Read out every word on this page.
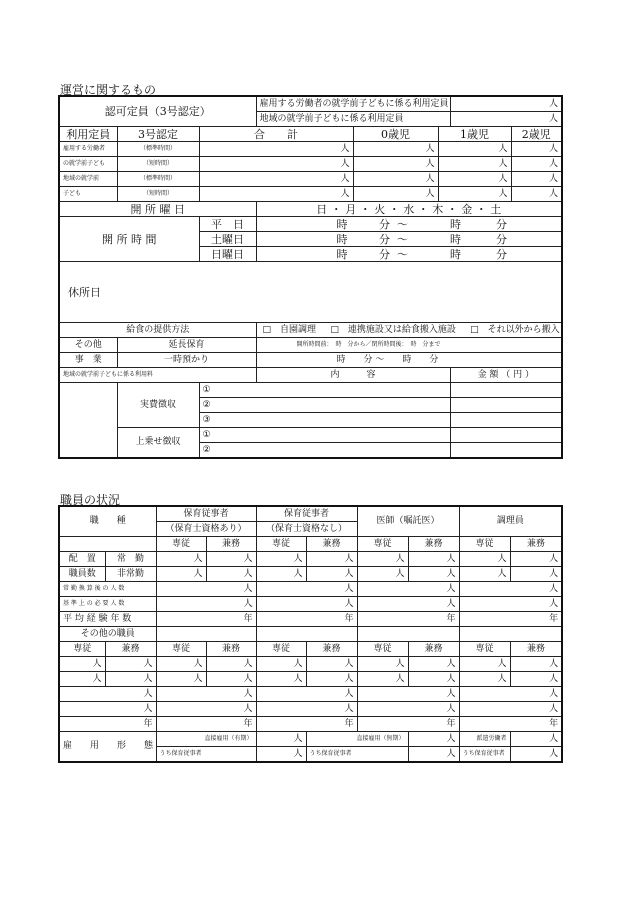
運営に関するもの
認可定員（3号認定）			雇用する労働者の就学前子どもに係る利用定員			人	
			地域の就学前子どもに係る利用定員			人	
利用定員	3号認定	合　　計		0歳児	1歳児		2歳児
雇用する労働者	（標準時間）	人		人	人		人
の就学前子ども	（短時間）	人		人	人		人
地域の就学前	（標準時間）	人		人	人		人
子ども	（短時間）	人		人	人		人
開 所 曜 日			日 ・ 月 ・ 火 ・ 水 ・ 木 ・ 金 ・ 土				
開 所 時 間		平　日	時 分 〜 時 分				
		土曜日	時 分 〜 時 分				
		日曜日	時 分 〜 時 分				
休所日							
給食の提供方法			□　自園調理 □　連携施設又は給食搬入施設 □　それ以外から搬入				
その他	延長保育		開所時間前：　時　分から／閉所時間後：　時　分まで				
事　業	一時預かり		時　　分 〜　　時　　分				
地域の就学前子どもに係る利用料			内　　　容			金 額 （ 円 ）	
	実費徴収	①					
		②					
		③					
	上乗せ徴収	①					
		②					
職員の状況
職　　種		保育従事者		保育従事者		医師（嘱託医）		調理員	
		（保育士資格あり）		（保育士資格なし）					
		専従	兼務	専従	兼務	専従	兼務	専従	兼務
配　置	常　勤	人	人	人	人	人	人	人	人
職員数	非常勤	人	人	人	人	人	人	人	人
常 勤 換 算 後 の 人 数		人		人		人		人	
基 準 上 の 必 要 人 数		人		人		人		人	
平 均 経 験 年 数		年		年		年		年	
その他の職員									
専従	兼務	専従	兼務	専従	兼務	専従	兼務	専従	兼務
人	人	人	人	人	人	人	人	人	人
人	人	人	人	人	人	人	人	人	人
人		人		人		人		人	
人		人		人		人		人	
年		年		年		年		年	
雇　　用　　形　　態		直接雇用（有期）		人	直接雇用（無期）		人	派遣労働者	人
		うち保育従事者		人	うち保育従事者		人	うち保育従事者	人
